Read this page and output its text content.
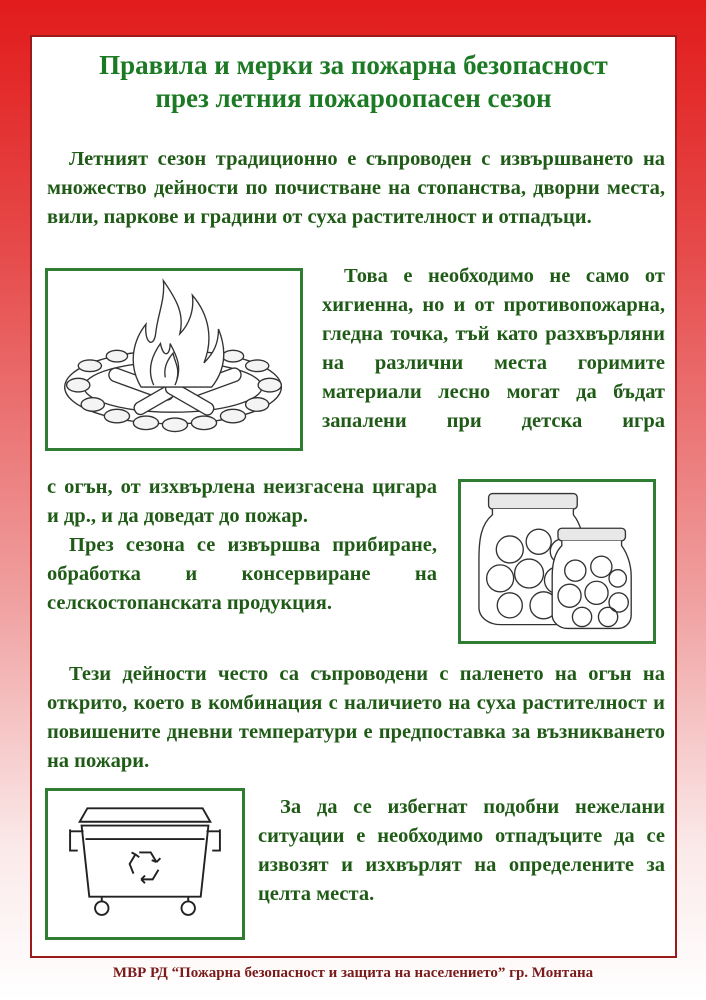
Правила и мерки за пожарна безопасност
през летния пожароопасен сезон

Летният сезон традиционно е съпроводен с извършването на множество дейности по почистване на стопанства, дворни места, вили, паркове и градини от суха растителност и отпадъци.

Това е необходимо не само от хигиенна, но и от противопожарна, гледна точка, тъй като разхвърляни на различни места горимите материали лесно могат да бъдат запалени при детска игра

с огън, от изхвърлена неизгасена цигара и др., и да доведат до пожар.

През сезона се извършва прибиране, обработка и консервиране на селскостопанската продукция.

Тези дейности често са съпроводени с паленето на огън на открито, което в комбинация с наличието на суха растителност и повишените дневни температури е предпоставка за възникването на пожари.

За да се избегнат подобни нежелани ситуации е необходимо отпадъците да се извозят и изхвърлят на определените за целта места.

МВР РД “Пожарна безопасност и защита на населението” гр. Монтана
